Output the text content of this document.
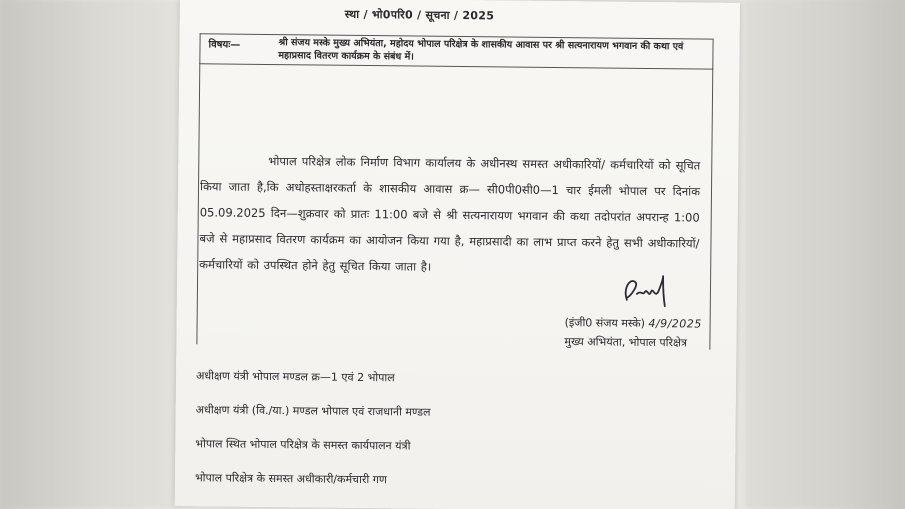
स्था / भो0परि0 / सूचना / 2025
विषयः—	श्री संजय मस्के मुख्य अभियंता, महोदय भोपाल परिक्षेत्र के शासकीय आवास पर श्री सत्यनारायण भगवान की कथा एवं महाप्रसाद वितरण कार्यक्रम के संबंध में।
भोपाल परिक्षेत्र लोक निर्माण विभाग कार्यालय के अधीनस्थ समस्त अधीकारियों/ कर्मचारियों को सूचित किया जाता है,कि अधोहस्ताक्षरकर्ता के शासकीय आवास क्र— सी0पी0सी0—1 चार ईमली भोपाल पर दिनांक 05.09.2025 दिन—शुक्रवार को प्रातः 11:00 बजे से श्री सत्यनारायण भगवान की कथा तदोपरांत अपरान्ह 1:00 बजे से महाप्रसाद वितरण कार्यक्रम का आयोजन किया गया है, महाप्रसादी का लाभ प्राप्त करने हेतु सभी अधीकारियों/ कर्मचारियों को उपस्थित होने हेतु सूचित किया जाता है।
(इंजी0 संजय मस्के) 4/9/2025
मुख्य अभियंता, भोपाल परिक्षेत्र
अधीक्षण यंत्री भोपाल मण्डल क्र—1 एवं 2 भोपाल
अधीक्षण यंत्री (वि./या.) मण्डल भोपाल एवं राजधानी मण्डल
भोपाल स्थित भोपाल परिक्षेत्र के समस्त कार्यपालन यंत्री
भोपाल परिक्षेत्र के समस्त अधीकारी/कर्मचारी गण
